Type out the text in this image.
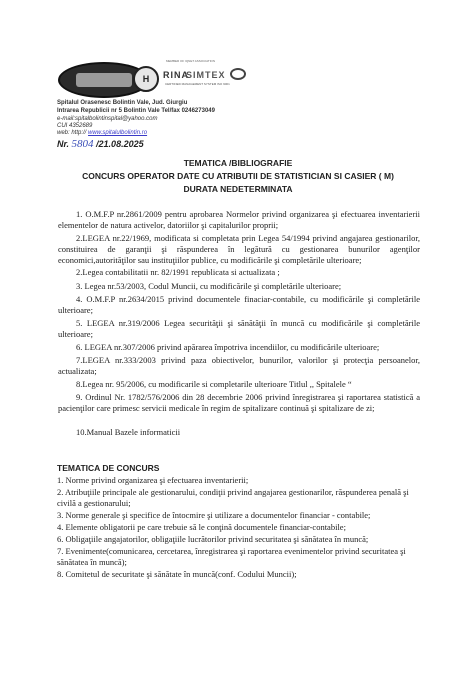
H
MEMBER OF IQNET ASSOCIATION
RINA
SIMTEX
CERTIFIED MANAGEMENT SYSTEM ISO 9001
Spitalul Orasenesc Bolintin Vale, Jud. Giurgiu
Intrarea Republicii nr 5 Bolintin Vale Tel/fax 0246273049
e-mail:spitalbolintinspital@yahoo.com
CUI 4352689
web: http:// www.spitalulbolintin.ro
Nr. 5804 /21.08.2025
TEMATICA /BIBLIOGRAFIE
CONCURS OPERATOR DATE CU ATRIBUTII DE STATISTICIAN SI CASIER ( M)
DURATA NEDETERMINATA
1. O.M.F.P nr.2861/2009 pentru aprobarea Normelor privind organizarea şi efectuarea inventarierii elementelor de natura activelor, datoriilor şi capitalurilor proprii;
2.LEGEA nr.22/1969, modificata si completata prin Legea 54/1994 privind angajarea gestionarilor, constituirea de garanţii şi răspunderea în legătură cu gestionarea bunurilor agenţilor economici,autorităţilor sau instituţiilor publice, cu modificările şi completările ulterioare;
2.Legea contabilitatii nr. 82/1991 republicata si actualizata ;
3. Legea nr.53/2003, Codul Muncii, cu modificările şi completările ulterioare;
4. O.M.F.P nr.2634/2015 privind documentele finaciar-contabile, cu modificările şi completările ulterioare;
5. LEGEA nr.319/2006 Legea securităţii şi sănătăţii în muncă cu modificările şi completările ulterioare;
6. LEGEA nr.307/2006 privind apărarea împotriva incendiilor, cu modificările ulterioare;
7.LEGEA nr.333/2003 privind paza obiectivelor, bunurilor, valorilor şi protecţia persoanelor, actualizata;
8.Legea nr. 95/2006, cu modificarile si completarile ulterioare Titlul ,, Spitalele “
9. Ordinul Nr. 1782/576/2006 din 28 decembrie 2006 privind înregistrarea şi raportarea statistică a pacienţilor care primesc servicii medicale în regim de spitalizare continuă şi spitalizare de zi;
10.Manual Bazele informaticii
TEMATICA DE CONCURS
1. Norme privind organizarea şi efectuarea inventarierii;
2. Atribuţiile principale ale gestionarului, condiţii privind angajarea gestionarilor, răspunderea penală şi civilă a gestionarului;
3. Norme generale şi specifice de întocmire şi utilizare a documentelor financiar - contabile;
4. Elemente obligatorii pe care trebuie să le conţină documentele financiar-contabile;
6. Obligaţiile angajatorilor, obligaţiile lucrătorilor privind securitatea şi sănătatea în muncă;
7. Evenimente(comunicarea, cercetarea, înregistrarea şi raportarea evenimentelor privind securitatea şi sănătatea în muncă);
8. Comitetul de securitate şi sănătate în muncă(conf. Codului Muncii);
